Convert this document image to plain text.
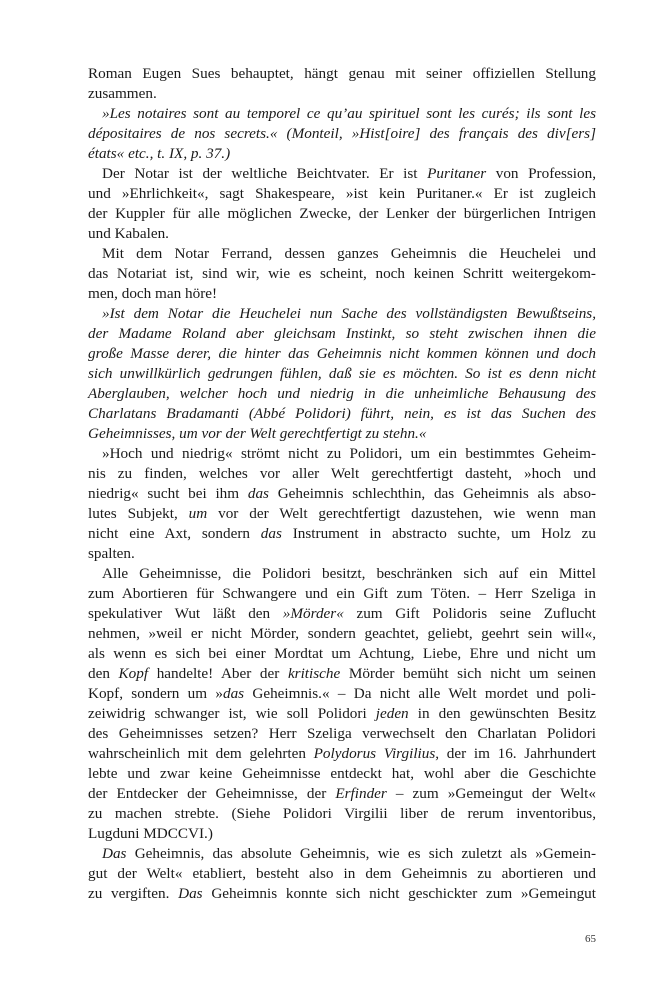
Roman Eugen Sues behauptet, hängt genau mit seiner offiziellen Stellung
zusammen.
»Les notaires sont au temporel ce qu’au spirituel sont les curés; ils sont les
dépositaires de nos secrets.« (Monteil, »Hist[oire] des français des div[ers]
états« etc., t. IX, p. 37.)
Der Notar ist der weltliche Beichtvater. Er ist Puritaner von Profession,
und »Ehrlichkeit«, sagt Shakespeare, »ist kein Puritaner.« Er ist zugleich
der Kuppler für alle möglichen Zwecke, der Lenker der bürgerlichen Intrigen
und Kabalen.
Mit dem Notar Ferrand, dessen ganzes Geheimnis die Heuchelei und
das Notariat ist, sind wir, wie es scheint, noch keinen Schritt weitergekom-
men, doch man höre!
»Ist dem Notar die Heuchelei nun Sache des vollständigsten Bewußtseins,
der Madame Roland aber gleichsam Instinkt, so steht zwischen ihnen die
große Masse derer, die hinter das Geheimnis nicht kommen können und doch
sich unwillkürlich gedrungen fühlen, daß sie es möchten. So ist es denn nicht
Aberglauben, welcher hoch und niedrig in die unheimliche Behausung des
Charlatans Bradamanti (Abbé Polidori) führt, nein, es ist das Suchen des
Geheimnisses, um vor der Welt gerechtfertigt zu stehn.«
»Hoch und niedrig« strömt nicht zu Polidori, um ein bestimmtes Geheim-
nis zu finden, welches vor aller Welt gerechtfertigt dasteht, »hoch und
niedrig« sucht bei ihm das Geheimnis schlechthin, das Geheimnis als abso-
lutes Subjekt, um vor der Welt gerechtfertigt dazustehen, wie wenn man
nicht eine Axt, sondern das Instrument in abstracto suchte, um Holz zu
spalten.
Alle Geheimnisse, die Polidori besitzt, beschränken sich auf ein Mittel
zum Abortieren für Schwangere und ein Gift zum Töten. – Herr Szeliga in
spekulativer Wut läßt den »Mörder« zum Gift Polidoris seine Zuflucht
nehmen, »weil er nicht Mörder, sondern geachtet, geliebt, geehrt sein will«,
als wenn es sich bei einer Mordtat um Achtung, Liebe, Ehre und nicht um
den Kopf handelte! Aber der kritische Mörder bemüht sich nicht um seinen
Kopf, sondern um »das Geheimnis.« – Da nicht alle Welt mordet und poli-
zeiwidrig schwanger ist, wie soll Polidori jeden in den gewünschten Besitz
des Geheimnisses setzen? Herr Szeliga verwechselt den Charlatan Polidori
wahrscheinlich mit dem gelehrten Polydorus Virgilius, der im 16. Jahrhundert
lebte und zwar keine Geheimnisse entdeckt hat, wohl aber die Geschichte
der Entdecker der Geheimnisse, der Erfinder – zum »Gemeingut der Welt«
zu machen strebte. (Siehe Polidori Virgilii liber de rerum inventoribus,
Lugduni MDCCVI.)
Das Geheimnis, das absolute Geheimnis, wie es sich zuletzt als »Gemein-
gut der Welt« etabliert, besteht also in dem Geheimnis zu abortieren und
zu vergiften. Das Geheimnis konnte sich nicht geschickter zum »Gemeingut
65
